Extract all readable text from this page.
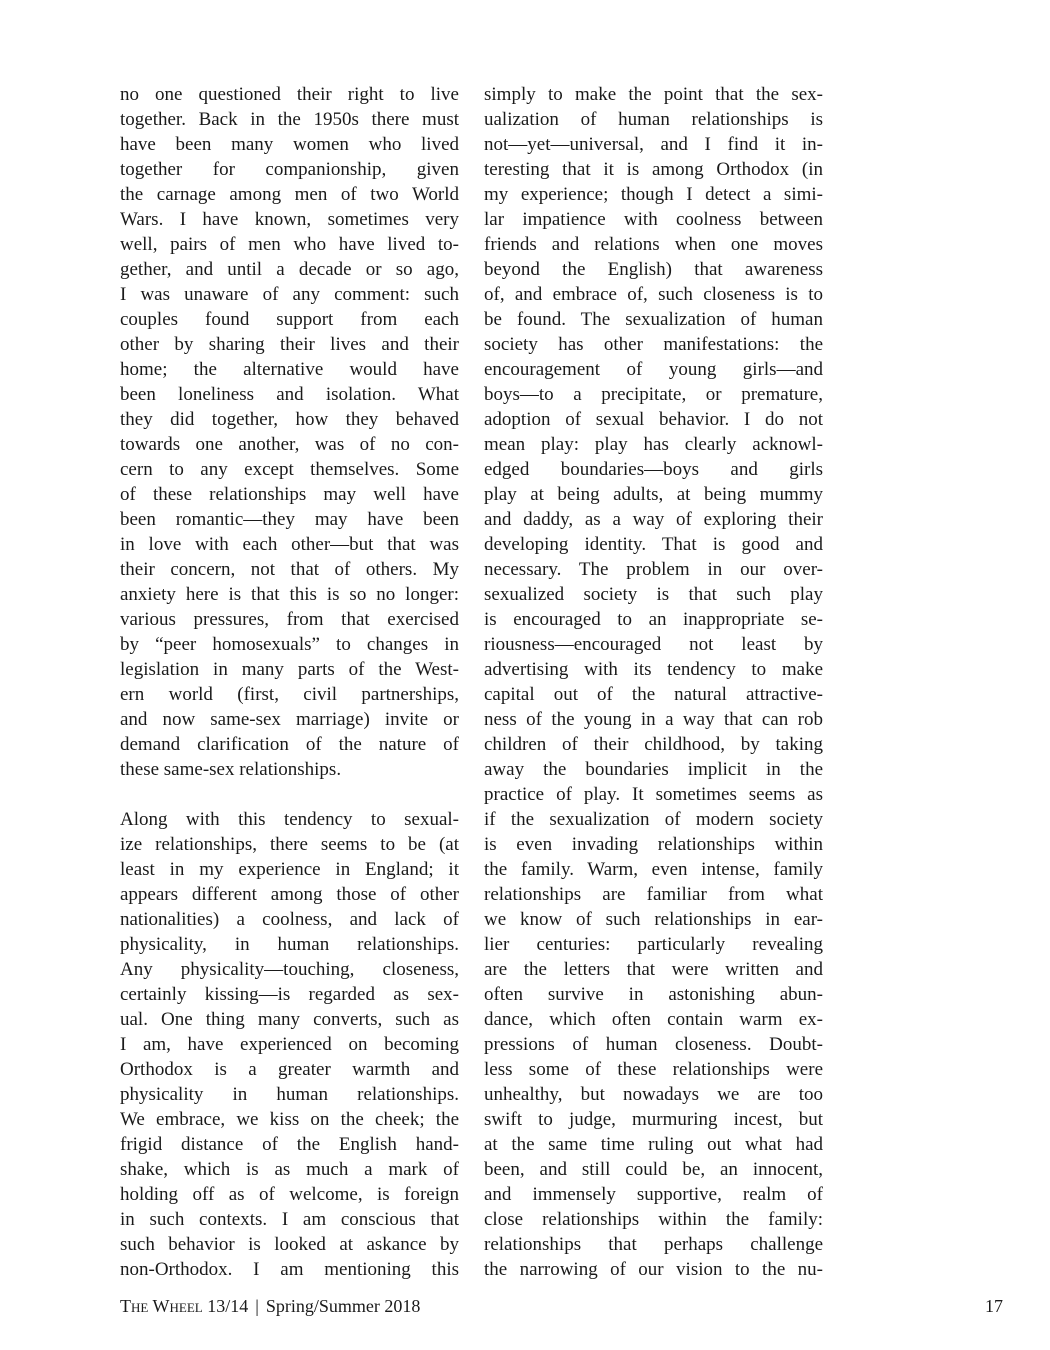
no one questioned their right to live
together. Back in the 1950s there must
have been many women who lived
together for companionship, given
the carnage among men of two World
Wars. I have known, sometimes very
well, pairs of men who have lived to-
gether, and until a decade or so ago,
I was unaware of any comment: such
couples found support from each
other by sharing their lives and their
home; the alternative would have
been loneliness and isolation. What
they did together, how they behaved
towards one another, was of no con-
cern to any except themselves. Some
of these relationships may well have
been romantic—they may have been
in love with each other—but that was
their concern, not that of others. My
anxiety here is that this is so no longer:
various pressures, from that exercised
by “peer homosexuals” to changes in
legislation in many parts of the West-
ern world (first, civil partnerships,
and now same-sex marriage) invite or
demand clarification of the nature of
these same-sex relationships.
Along with this tendency to sexual-
ize relationships, there seems to be (at
least in my experience in England; it
appears different among those of other
nationalities) a coolness, and lack of
physicality, in human relationships.
Any physicality—touching, closeness,
certainly kissing—is regarded as sex-
ual. One thing many converts, such as
I am, have experienced on becoming
Orthodox is a greater warmth and
physicality in human relationships.
We embrace, we kiss on the cheek; the
frigid distance of the English hand-
shake, which is as much a mark of
holding off as of welcome, is foreign
in such contexts. I am conscious that
such behavior is looked at askance by
non-Orthodox. I am mentioning this
simply to make the point that the sex-
ualization of human relationships is
not—yet—universal, and I find it in-
teresting that it is among Orthodox (in
my experience; though I detect a simi-
lar impatience with coolness between
friends and relations when one moves
beyond the English) that awareness
of, and embrace of, such closeness is to
be found. The sexualization of human
society has other manifestations: the
encouragement of young girls—and
boys—to a precipitate, or premature,
adoption of sexual behavior. I do not
mean play: play has clearly acknowl-
edged boundaries—boys and girls
play at being adults, at being mummy
and daddy, as a way of exploring their
developing identity. That is good and
necessary. The problem in our over-
sexualized society is that such play
is encouraged to an inappropriate se-
riousness—encouraged not least by
advertising with its tendency to make
capital out of the natural attractive-
ness of the young in a way that can rob
children of their childhood, by taking
away the boundaries implicit in the
practice of play. It sometimes seems as
if the sexualization of modern society
is even invading relationships within
the family. Warm, even intense, family
relationships are familiar from what
we know of such relationships in ear-
lier centuries: particularly revealing
are the letters that were written and
often survive in astonishing abun-
dance, which often contain warm ex-
pressions of human closeness. Doubt-
less some of these relationships were
unhealthy, but nowadays we are too
swift to judge, murmuring incest, but
at the same time ruling out what had
been, and still could be, an innocent,
and immensely supportive, realm of
close relationships within the family:
relationships that perhaps challenge
the narrowing of our vision to the nu-
The Wheel 13/14 | Spring/Summer 2018	17
